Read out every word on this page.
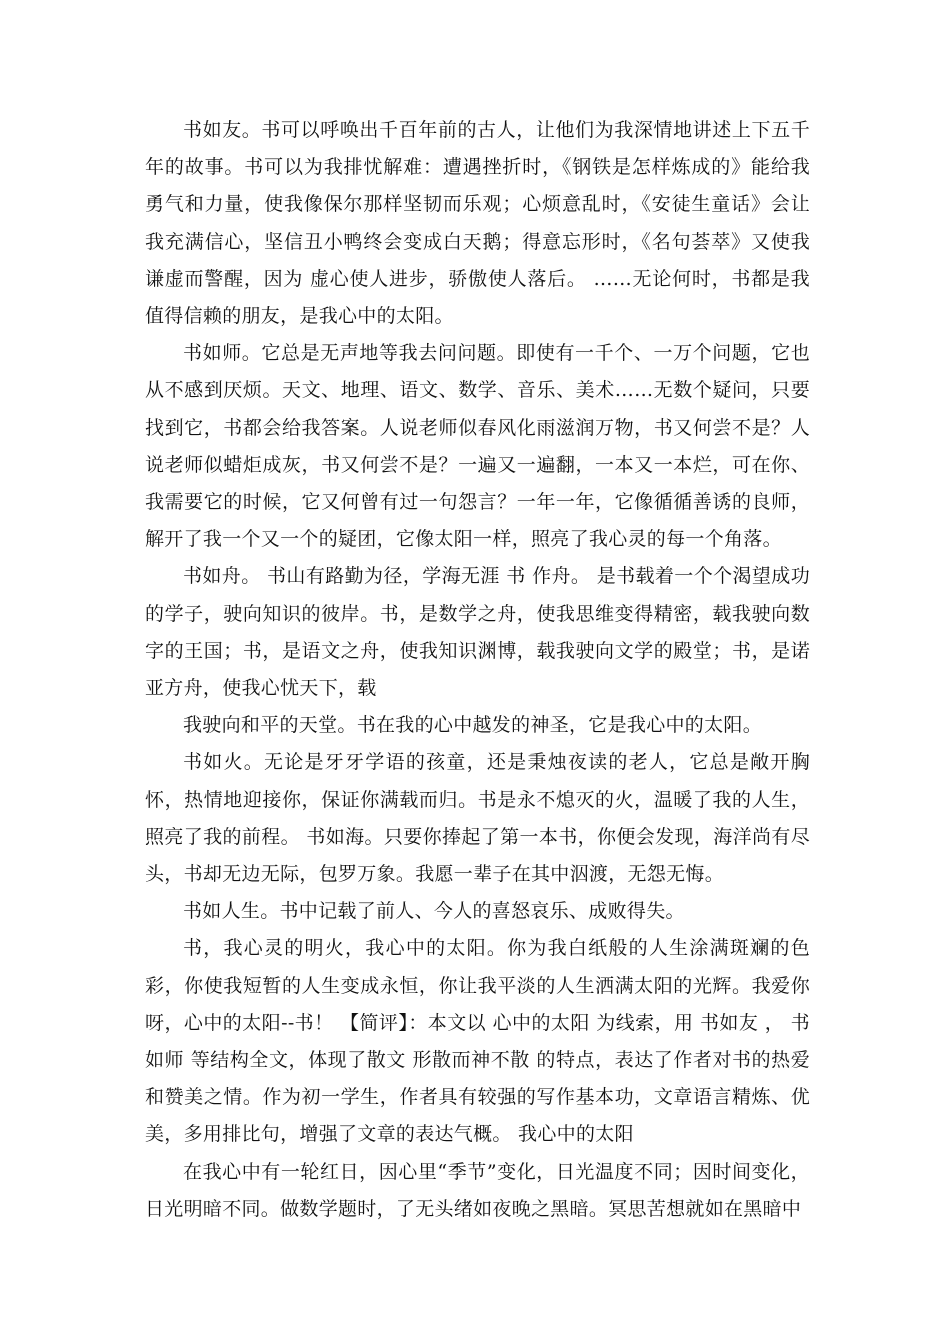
书如友。书可以呼唤出千百年前的古人，让他们为我深情地讲述上下五千年的故事。书可以为我排忧解难：遭遇挫折时，《钢铁是怎样炼成的》能给我勇气和力量，使我像保尔那样坚韧而乐观；心烦意乱时，《安徒生童话》会让我充满信心，坚信丑小鸭终会变成白天鹅；得意忘形时，《名句荟萃》又使我谦虚而警醒，因为 虚心使人进步，骄傲使人落后。 ……无论何时，书都是我值得信赖的朋友，是我心中的太阳。

书如师。它总是无声地等我去问问题。即使有一千个、一万个问题，它也从不感到厌烦。天文、地理、语文、数学、音乐、美术……无数个疑问，只要找到它，书都会给我答案。人说老师似春风化雨滋润万物，书又何尝不是？人说老师似蜡炬成灰，书又何尝不是？一遍又一遍翻，一本又一本烂，可在你、我需要它的时候，它又何曾有过一句怨言？一年一年，它像循循善诱的良师，解开了我一个又一个的疑团，它像太阳一样，照亮了我心灵的每一个角落。

书如舟。 书山有路勤为径，学海无涯 书 作舟。 是书载着一个个渴望成功的学子，驶向知识的彼岸。书，是数学之舟，使我思维变得精密，载我驶向数字的王国；书，是语文之舟，使我知识渊博，载我驶向文学的殿堂；书，是诺亚方舟，使我心忧天下，载

我驶向和平的天堂。书在我的心中越发的神圣，它是我心中的太阳。

书如火。无论是牙牙学语的孩童，还是秉烛夜读的老人，它总是敞开胸怀，热情地迎接你，保证你满载而归。书是永不熄灭的火，温暖了我的人生，照亮了我的前程。 书如海。只要你捧起了第一本书，你便会发现，海洋尚有尽头，书却无边无际，包罗万象。我愿一辈子在其中泅渡，无怨无悔。

书如人生。书中记载了前人、今人的喜怒哀乐、成败得失。

书，我心灵的明火，我心中的太阳。你为我白纸般的人生涂满斑斓的色彩，你使我短暂的人生变成永恒，你让我平淡的人生洒满太阳的光辉。我爱你呀，心中的太阳--书！ 【简评】：本文以 心中的太阳 为线索，用 书如友 ， 书如师 等结构全文，体现了散文 形散而神不散 的特点，表达了作者对书的热爱和赞美之情。作为初一学生，作者具有较强的写作基本功，文章语言精炼、优美，多用排比句，增强了文章的表达气概。 我心中的太阳

在我心中有一轮红日，因心里“季节”变化，日光温度不同；因时间变化，日光明暗不同。做数学题时，了无头绪如夜晚之黑暗。冥思苦想就如在黑暗中
